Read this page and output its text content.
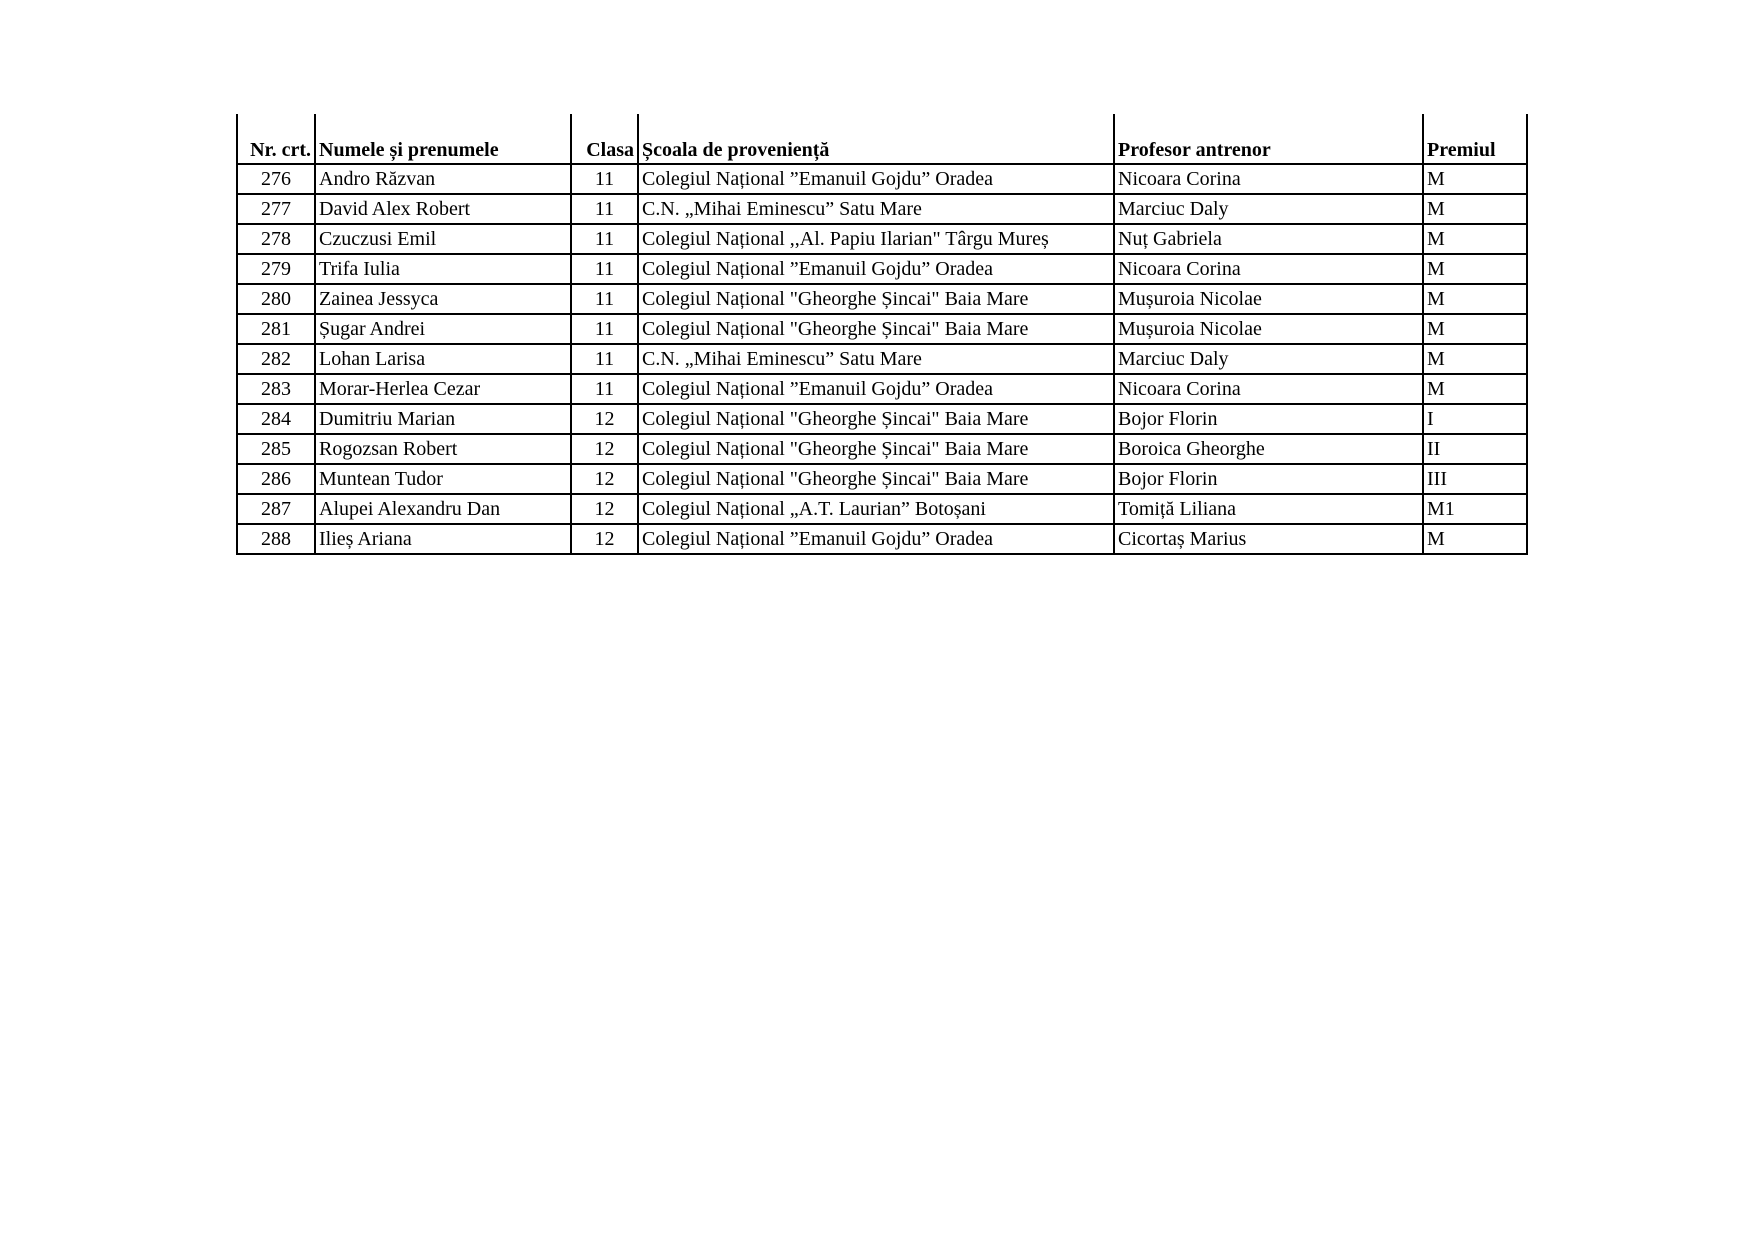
Nr. crt.	Numele și prenumele	Clasa	Școala de proveniență	Profesor antrenor	Premiul
276	Andro Răzvan	11	Colegiul Național ”Emanuil Gojdu” Oradea	Nicoara Corina	M
277	David Alex Robert	11	C.N. „Mihai Eminescu” Satu Mare	Marciuc Daly	M
278	Czuczusi Emil	11	Colegiul Național ,,Al. Papiu Ilarian" Târgu Mureș	Nuț Gabriela	M
279	Trifa Iulia	11	Colegiul Național ”Emanuil Gojdu” Oradea	Nicoara Corina	M
280	Zainea Jessyca	11	Colegiul Național "Gheorghe Șincai" Baia Mare	Mușuroia Nicolae	M
281	Șugar Andrei	11	Colegiul Național "Gheorghe Șincai" Baia Mare	Mușuroia Nicolae	M
282	Lohan Larisa	11	C.N. „Mihai Eminescu” Satu Mare	Marciuc Daly	M
283	Morar-Herlea Cezar	11	Colegiul Național ”Emanuil Gojdu” Oradea	Nicoara Corina	M
284	Dumitriu Marian	12	Colegiul Național "Gheorghe Șincai" Baia Mare	Bojor Florin	I
285	Rogozsan Robert	12	Colegiul Național "Gheorghe Șincai" Baia Mare	Boroica Gheorghe	II
286	Muntean Tudor	12	Colegiul Național "Gheorghe Șincai" Baia Mare	Bojor Florin	III
287	Alupei Alexandru Dan	12	Colegiul Național „A.T. Laurian” Botoșani	Tomiță Liliana	M1
288	Ilieș Ariana	12	Colegiul Național ”Emanuil Gojdu” Oradea	Cicortaș Marius	M
